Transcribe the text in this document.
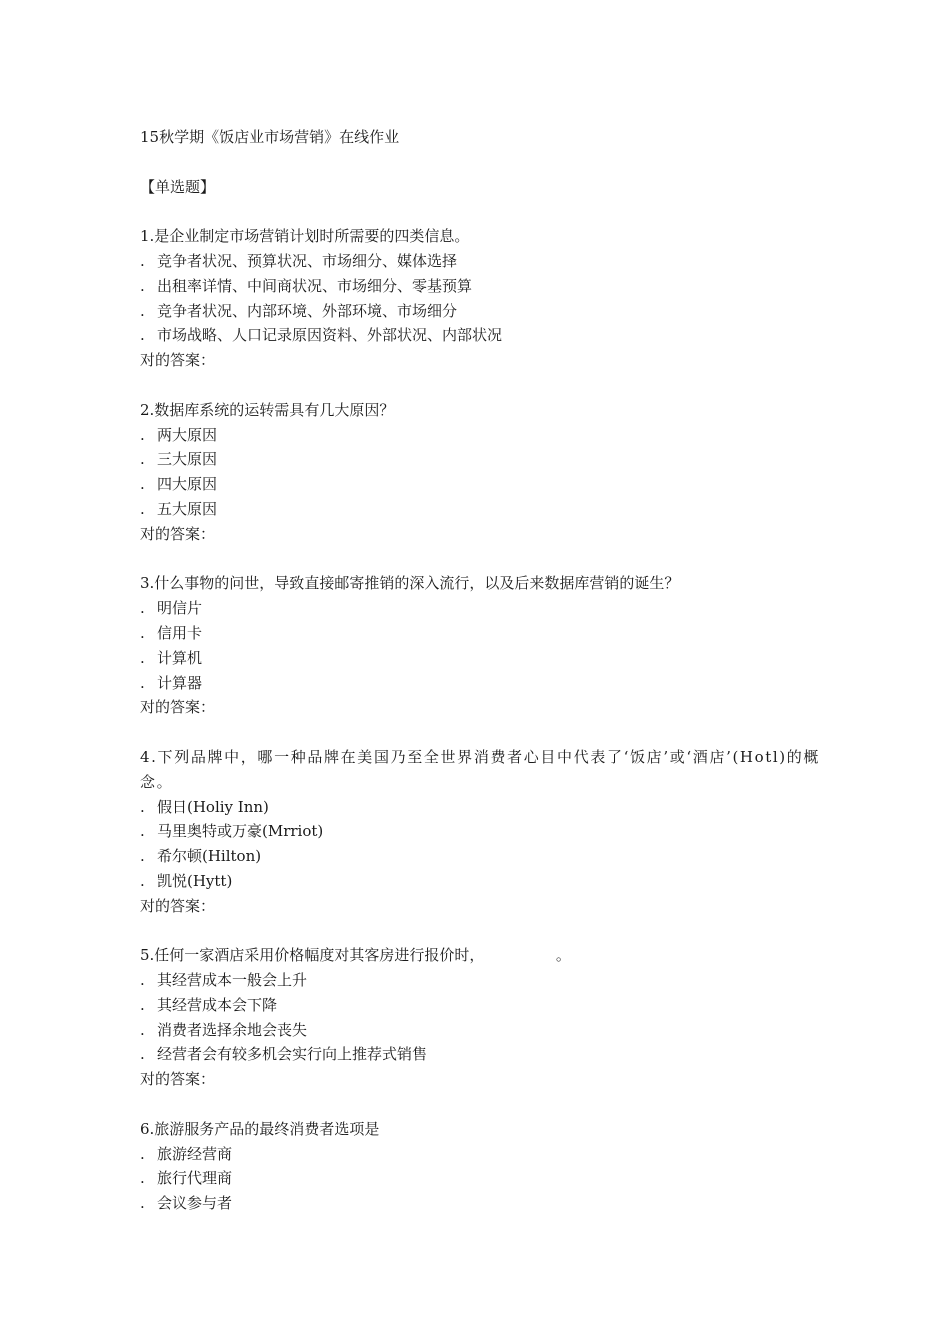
15秋学期《饭店业市场营销》在线作业
【单选题】
1.是企业制定市场营销计划时所需要的四类信息。
. 竞争者状况、预算状况、市场细分、媒体选择
. 出租率详情、中间商状况、市场细分、零基预算
. 竞争者状况、内部环境、外部环境、市场细分
. 市场战略、人口记录原因资料、外部状况、内部状况
对的答案：
2.数据库系统的运转需具有几大原因？
. 两大原因
. 三大原因
. 四大原因
. 五大原因
对的答案：
3.什么事物的问世，导致直接邮寄推销的深入流行，以及后来数据库营销的诞生？
. 明信片
. 信用卡
. 计算机
. 计算器
对的答案：
4.下列品牌中，哪一种品牌在美国乃至全世界消费者心目中代表了‘饭店’或‘酒店’(Hotl)的概念。
. 假日(Holiy Inn)
. 马里奥特或万豪(Mrriot)
. 希尔顿(Hilton)
. 凯悦(Hytt)
对的答案：
5.任何一家酒店采用价格幅度对其客房进行报价时，               。
. 其经营成本一般会上升
. 其经营成本会下降
. 消费者选择余地会丧失
. 经营者会有较多机会实行向上推荐式销售
对的答案：
6.旅游服务产品的最终消费者选项是
. 旅游经营商
. 旅行代理商
. 会议参与者
